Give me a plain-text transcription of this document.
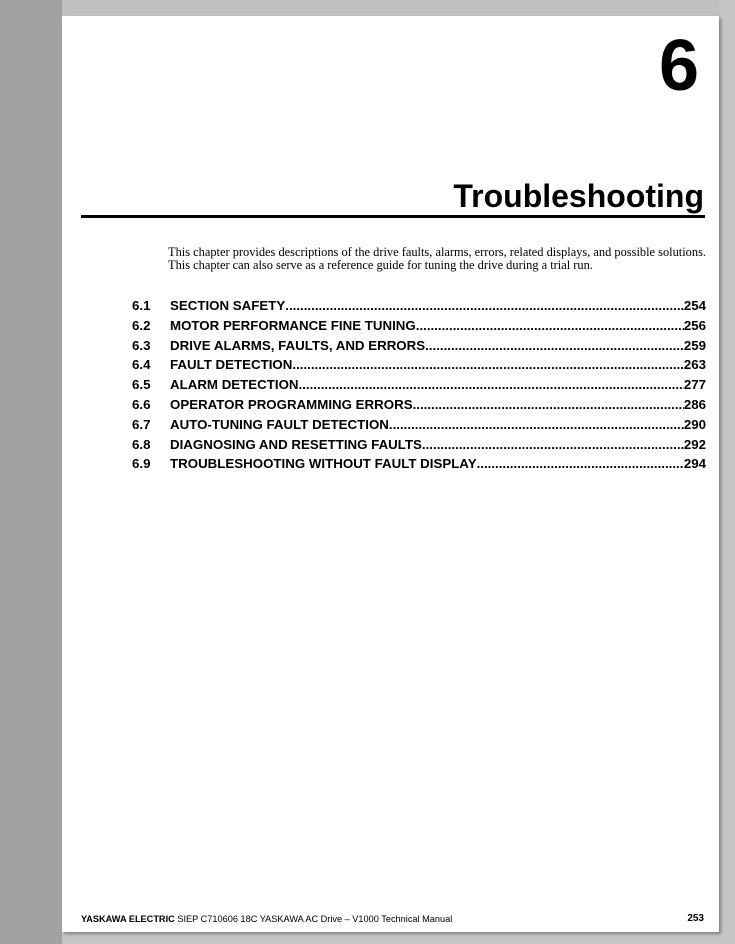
6
Troubleshooting
This chapter provides descriptions of the drive faults, alarms, errors, related displays, and possible solutions. This chapter can also serve as a reference guide for tuning the drive during a trial run.
6.1	SECTION SAFETY .....	254
6.2	MOTOR PERFORMANCE FINE TUNING .....	256
6.3	DRIVE ALARMS, FAULTS, AND ERRORS .....	259
6.4	FAULT DETECTION .....	263
6.5	ALARM DETECTION .....	277
6.6	OPERATOR PROGRAMMING ERRORS .....	286
6.7	AUTO-TUNING FAULT DETECTION .....	290
6.8	DIAGNOSING AND RESETTING FAULTS .....	292
6.9	TROUBLESHOOTING WITHOUT FAULT DISPLAY .....	294
YASKAWA ELECTRIC SIEP C710606 18C YASKAWA AC Drive – V1000 Technical Manual	253
